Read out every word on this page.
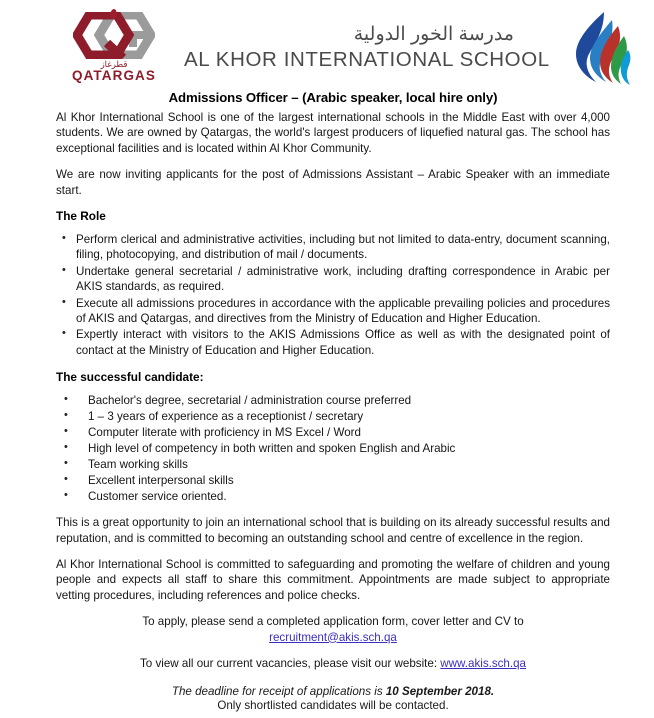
قطرغاز
QATARGAS
مدرسة الخور الدولية
AL KHOR INTERNATIONAL SCHOOL
Admissions Officer – (Arabic speaker, local hire only)

Al Khor International School is one of the largest international schools in the Middle East with over 4,000 students. We are owned by Qatargas, the world's largest producers of liquefied natural gas. The school has exceptional facilities and is located within Al Khor Community.

We are now inviting applicants for the post of Admissions Assistant – Arabic Speaker with an immediate start.

The Role
• Perform clerical and administrative activities, including but not limited to data-entry, document scanning, filing, photocopying, and distribution of mail / documents.
• Undertake general secretarial / administrative work, including drafting correspondence in Arabic per AKIS standards, as required.
• Execute all admissions procedures in accordance with the applicable prevailing policies and procedures of AKIS and Qatargas, and directives from the Ministry of Education and Higher Education.
• Expertly interact with visitors to the AKIS Admissions Office as well as with the designated point of contact at the Ministry of Education and Higher Education.
The successful candidate:
• Bachelor's degree, secretarial / administration course preferred
• 1 – 3 years of experience as a receptionist / secretary
• Computer literate with proficiency in MS Excel / Word
• High level of competency in both written and spoken English and Arabic
• Team working skills
• Excellent interpersonal skills
• Customer service oriented.

This is a great opportunity to join an international school that is building on its already successful results and reputation, and is committed to becoming an outstanding school and centre of excellence in the region.

Al Khor International School is committed to safeguarding and promoting the welfare of children and young people and expects all staff to share this commitment. Appointments are made subject to appropriate vetting procedures, including references and police checks.

To apply, please send a completed application form, cover letter and CV to

recruitment@akis.sch.qa

To view all our current vacancies, please visit our website: www.akis.sch.qa

The deadline for receipt of applications is 10 September 2018.
Only shortlisted candidates will be contacted.
